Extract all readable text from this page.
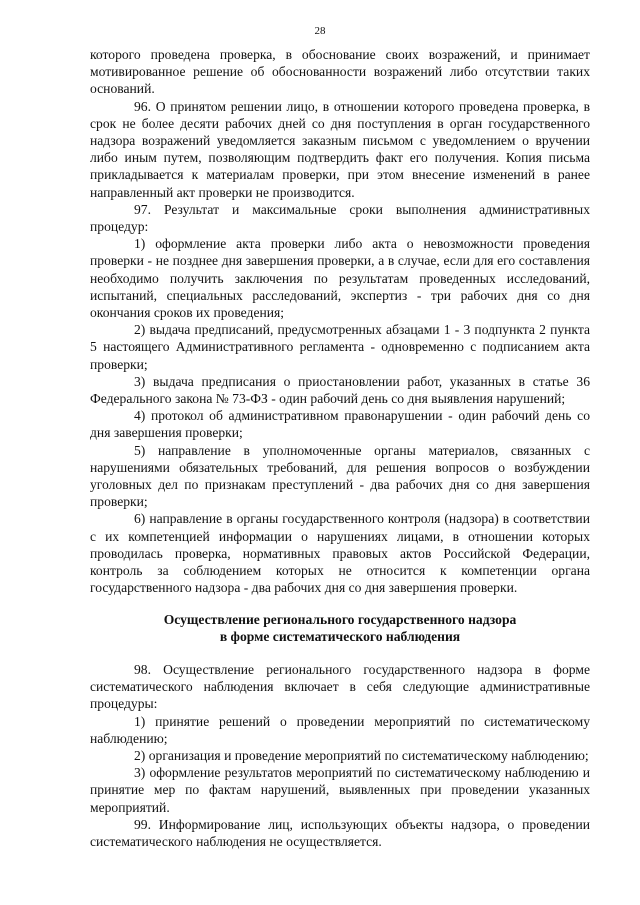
28

которого проведена проверка, в обоснование своих возражений, и принимает мотивированное решение об обоснованности возражений либо отсутствии таких оснований.

96. О принятом решении лицо, в отношении которого проведена проверка, в срок не более десяти рабочих дней со дня поступления в орган государственного надзора возражений уведомляется заказным письмом с уведомлением о вручении либо иным путем, позволяющим подтвердить факт его получения. Копия письма прикладывается к материалам проверки, при этом внесение изменений в ранее направленный акт проверки не производится.

97. Результат и максимальные сроки выполнения административных процедур:

1) оформление акта проверки либо акта о невозможности проведения проверки - не позднее дня завершения проверки, а в случае, если для его составления необходимо получить заключения по результатам проведенных исследований, испытаний, специальных расследований, экспертиз - три рабочих дня со дня окончания сроков их проведения;

2) выдача предписаний, предусмотренных абзацами 1 - 3 подпункта 2 пункта 5 настоящего Административного регламента - одновременно с подписанием акта проверки;

3) выдача предписания о приостановлении работ, указанных в статье 36 Федерального закона № 73-ФЗ - один рабочий день со дня выявления нарушений;

4) протокол об административном правонарушении - один рабочий день со дня завершения проверки;

5) направление в уполномоченные органы материалов, связанных с нарушениями обязательных требований, для решения вопросов о возбуждении уголовных дел по признакам преступлений - два рабочих дня со дня завершения проверки;

6) направление в органы государственного контроля (надзора) в соответствии с их компетенцией информации о нарушениях лицами, в отношении которых проводилась проверка, нормативных правовых актов Российской Федерации, контроль за соблюдением которых не относится к компетенции органа государственного надзора - два рабочих дня со дня завершения проверки.

Осуществление регионального государственного надзора
в форме систематического наблюдения

98. Осуществление регионального государственного надзора в форме систематического наблюдения включает в себя следующие административные процедуры:

1) принятие решений о проведении мероприятий по систематическому наблюдению;

2) организация и проведение мероприятий по систематическому наблюдению;

3) оформление результатов мероприятий по систематическому наблюдению и принятие мер по фактам нарушений, выявленных при проведении указанных мероприятий.

99. Информирование лиц, использующих объекты надзора, о проведении систематического наблюдения не осуществляется.
